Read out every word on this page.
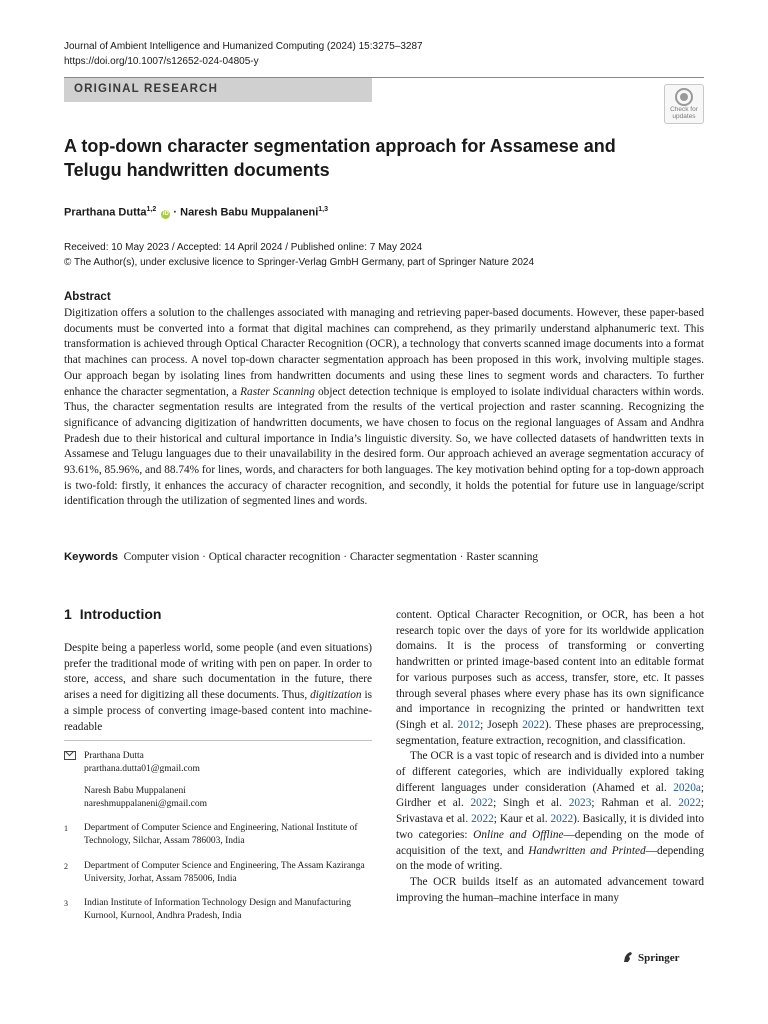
Journal of Ambient Intelligence and Humanized Computing (2024) 15:3275–3287
https://doi.org/10.1007/s12652-024-04805-y
ORIGINAL RESEARCH
Check for
updates
A top-down character segmentation approach for Assamese and Telugu handwritten documents
Prarthana Dutta$^{1,2}$ iD · Naresh Babu Muppalaneni$^{1,3}$
Received: 10 May 2023 / Accepted: 14 April 2024 / Published online: 7 May 2024
© The Author(s), under exclusive licence to Springer-Verlag GmbH Germany, part of Springer Nature 2024
Abstract
Digitization offers a solution to the challenges associated with managing and retrieving paper-based documents. However, these paper-based documents must be converted into a format that digital machines can comprehend, as they primarily understand alphanumeric text. This transformation is achieved through Optical Character Recognition (OCR), a technology that converts scanned image documents into a format that machines can process. A novel top-down character segmentation approach has been proposed in this work, involving multiple stages. Our approach began by isolating lines from handwritten documents and using these lines to segment words and characters. To further enhance the character segmentation, a Raster Scanning object detection technique is employed to isolate individual characters within words. Thus, the character segmentation results are integrated from the results of the vertical projection and raster scanning. Recognizing the significance of advancing digitization of handwritten documents, we have chosen to focus on the regional languages of Assam and Andhra Pradesh due to their historical and cultural importance in India’s linguistic diversity. So, we have collected datasets of handwritten texts in Assamese and Telugu languages due to their unavailability in the desired form. Our approach achieved an average segmentation accuracy of 93.61%, 85.96%, and 88.74% for lines, words, and characters for both languages. The key motivation behind opting for a top-down approach is two-fold: firstly, it enhances the accuracy of character recognition, and secondly, it holds the potential for future use in language/script identification through the utilization of segmented lines and words.
Keywords Computer vision · Optical character recognition · Character segmentation · Raster scanning
1 Introduction

Despite being a paperless world, some people (and even situations) prefer the traditional mode of writing with pen on paper. In order to store, access, and share such documentation in the future, there arises a need for digitizing all these documents. Thus, digitization is a simple process of converting image-based content into machine-readable

Prarthana Dutta
prarthana.dutta01@gmail.com
Naresh Babu Muppalaneni
nareshmuppalaneni@gmail.com
1 Department of Computer Science and Engineering, National Institute of Technology, Silchar, Assam 786003, India
2 Department of Computer Science and Engineering, The Assam Kaziranga University, Jorhat, Assam 785006, India
3 Indian Institute of Information Technology Design and Manufacturing Kurnool, Kurnool, Andhra Pradesh, India

content. Optical Character Recognition, or OCR, has been a hot research topic over the days of yore for its worldwide application domains. It is the process of transforming or converting handwritten or printed image-based content into an editable format for various purposes such as access, transfer, store, etc. It passes through several phases where every phase has its own significance and importance in recognizing the printed or handwritten text (Singh et al. 2012; Joseph 2022). These phases are preprocessing, segmentation, feature extraction, recognition, and classification.

The OCR is a vast topic of research and is divided into a number of different categories, which are individually explored taking different languages under consideration (Ahamed et al. 2020a; Girdher et al. 2022; Singh et al. 2023; Rahman et al. 2022; Srivastava et al. 2022; Kaur et al. 2022). Basically, it is divided into two categories: Online and Offline—depending on the mode of acquisition of the text, and Handwritten and Printed—depending on the mode of writing.

The OCR builds itself as an automated advancement toward improving the human–machine interface in many

Springer
